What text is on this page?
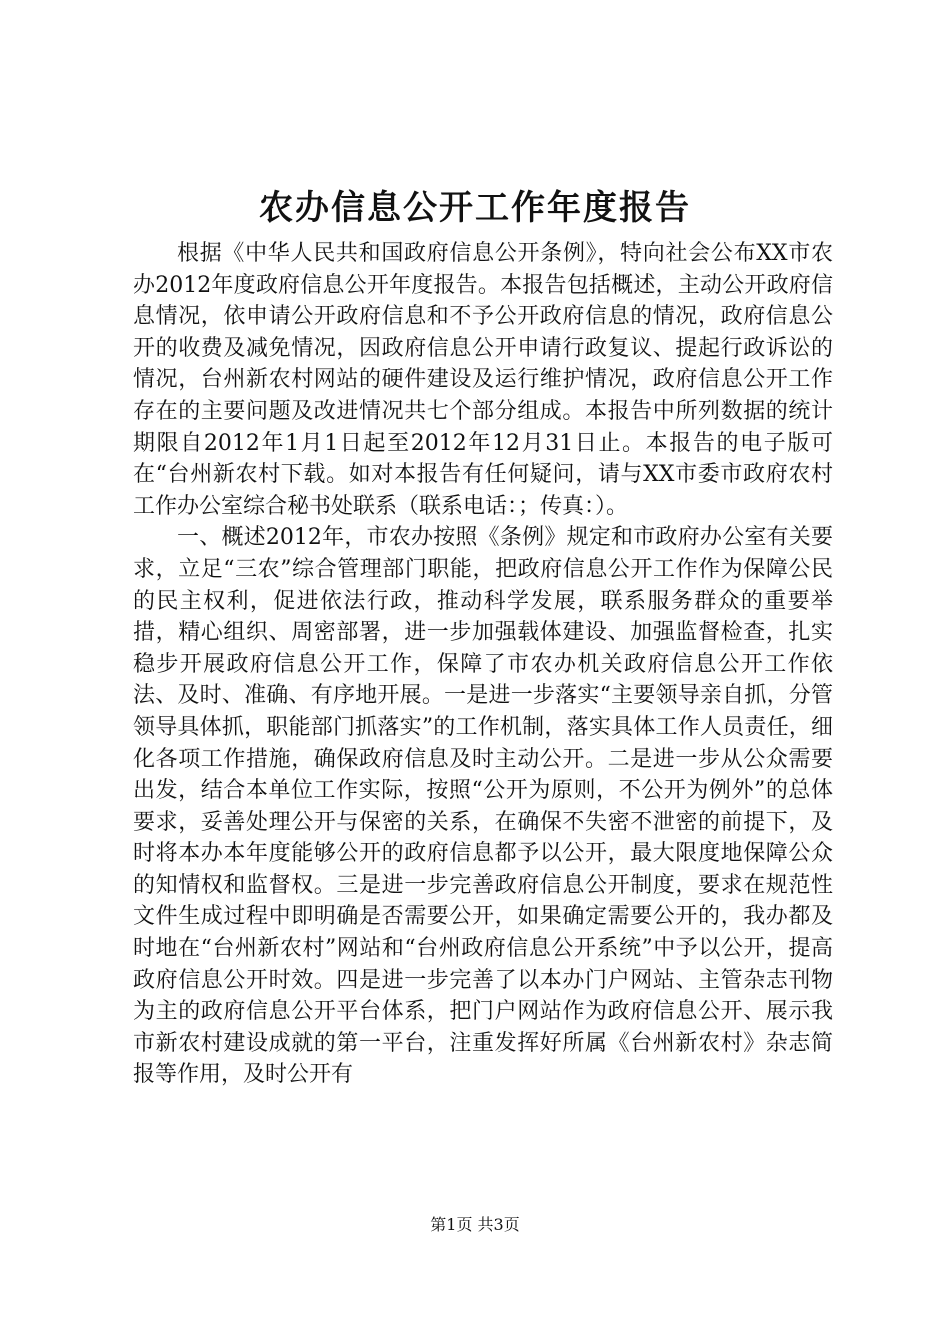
农办信息公开工作年度报告

根据《中华人民共和国政府信息公开条例》，特向社会公布XX市农办2012年度政府信息公开年度报告。本报告包括概述，主动公开政府信息情况，依申请公开政府信息和不予公开政府信息的情况，政府信息公开的收费及减免情况，因政府信息公开申请行政复议、提起行政诉讼的情况，台州新农村网站的硬件建设及运行维护情况，政府信息公开工作存在的主要问题及改进情况共七个部分组成。本报告中所列数据的统计期限自2012年1月1日起至2012年12月31日止。本报告的电子版可在“台州新农村下载。如对本报告有任何疑问，请与XX市委市政府农村工作办公室综合秘书处联系（联系电话：；传真：）。

一、概述2012年，市农办按照《条例》规定和市政府办公室有关要求，立足“三农”综合管理部门职能，把政府信息公开工作作为保障公民的民主权利，促进依法行政，推动科学发展，联系服务群众的重要举措，精心组织、周密部署，进一步加强载体建设、加强监督检查，扎实稳步开展政府信息公开工作，保障了市农办机关政府信息公开工作依法、及时、准确、有序地开展。一是进一步落实“主要领导亲自抓，分管领导具体抓，职能部门抓落实”的工作机制，落实具体工作人员责任，细化各项工作措施，确保政府信息及时主动公开。二是进一步从公众需要出发，结合本单位工作实际，按照“公开为原则，不公开为例外”的总体要求，妥善处理公开与保密的关系，在确保不失密不泄密的前提下，及时将本办本年度能够公开的政府信息都予以公开，最大限度地保障公众的知情权和监督权。三是进一步完善政府信息公开制度，要求在规范性文件生成过程中即明确是否需要公开，如果确定需要公开的，我办都及时地在“台州新农村”网站和“台州政府信息公开系统”中予以公开，提高政府信息公开时效。四是进一步完善了以本办门户网站、主管杂志刊物为主的政府信息公开平台体系，把门户网站作为政府信息公开、展示我市新农村建设成就的第一平台，注重发挥好所属《台州新农村》杂志简报等作用，及时公开有

第1页 共3页
